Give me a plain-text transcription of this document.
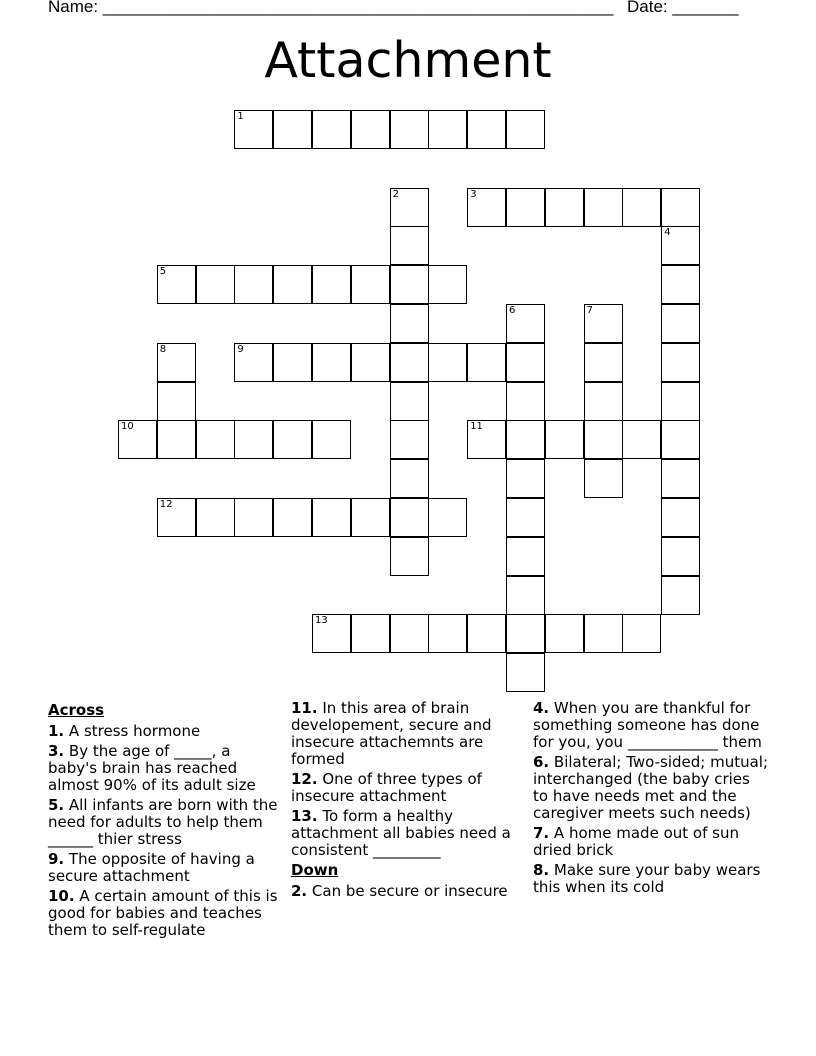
Name: ______________________________________________________ Date: _______
Attachment
1
2	3
4
5
6	7
8	9
10	11
12
13
Across
1. A stress hormone
3. By the age of _____, a baby's brain has reached almost 90% of its adult size
5. All infants are born with the need for adults to help them ______ thier stress
9. The opposite of having a secure attachment
10. A certain amount of this is good for babies and teaches them to self-regulate
11. In this area of brain developement, secure and insecure attachemnts are formed
12. One of three types of insecure attachment
13. To form a healthy attachment all babies need a consistent _________
Down
2. Can be secure or insecure
4. When you are thankful for something someone has done for you, you ____________ them
6. Bilateral; Two-sided; mutual; interchanged (the baby cries to have needs met and the caregiver meets such needs)
7. A home made out of sun dried brick
8. Make sure your baby wears this when its cold
